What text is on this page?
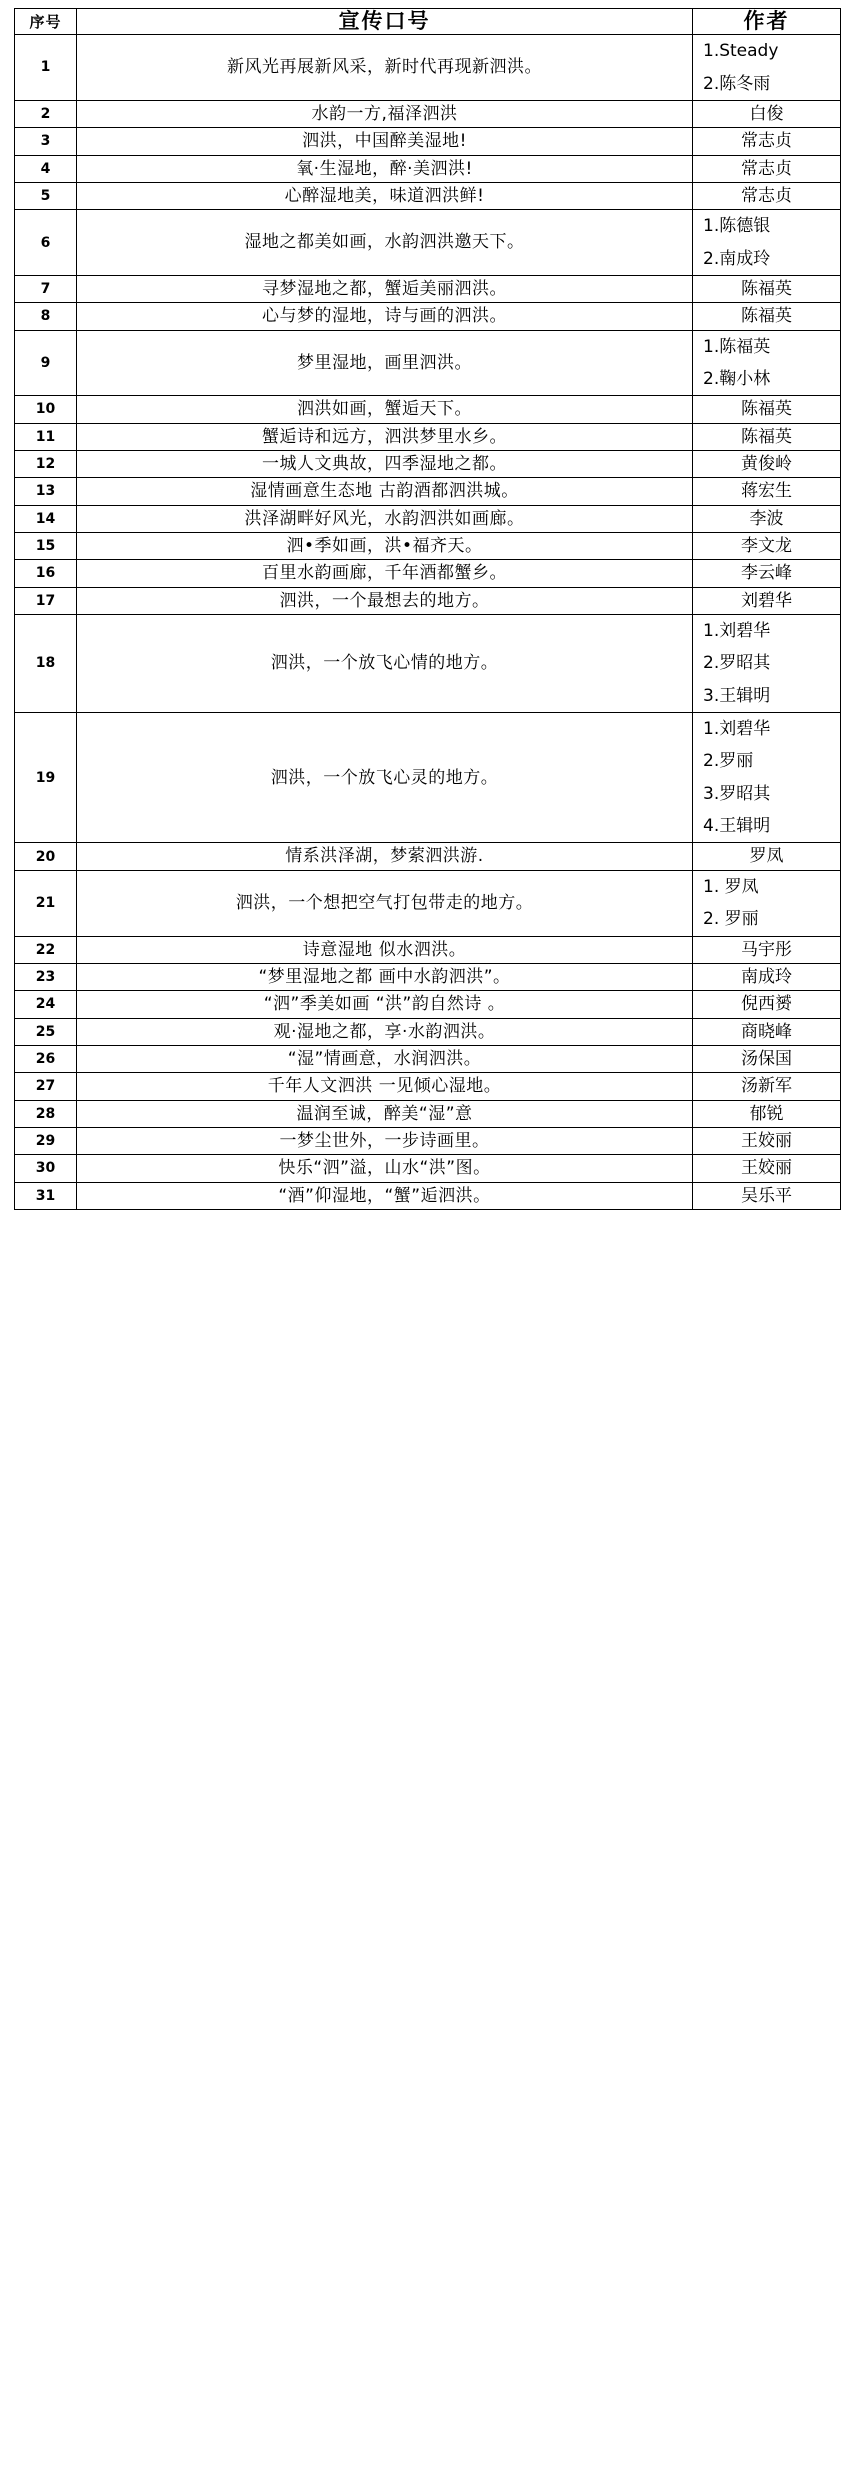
序号	宣传口号	作者
1	新风光再展新风采，新时代再现新泗洪。	1.Steady
2.陈冬雨

2	水韵一方,福泽泗洪	白俊

3	泗洪，中国醉美湿地!	常志贞

4	氧·生湿地，醉·美泗洪!	常志贞

5	心醉湿地美，味道泗洪鲜!	常志贞

6	湿地之都美如画，水韵泗洪邀天下。	1.陈德银
2.南成玲

7	寻梦湿地之都，蟹逅美丽泗洪。	陈福英

8	心与梦的湿地，诗与画的泗洪。	陈福英

9	梦里湿地，画里泗洪。	1.陈福英
2.鞠小林

10	泗洪如画，蟹逅天下。	陈福英

11	蟹逅诗和远方，泗洪梦里水乡。	陈福英

12	一城人文典故，四季湿地之都。	黄俊岭

13	湿情画意生态地 古韵酒都泗洪城。	蒋宏生

14	洪泽湖畔好风光，水韵泗洪如画廊。	李波

15	泗•季如画，洪•福齐天。	李文龙

16	百里水韵画廊，千年酒都蟹乡。	李云峰

17	泗洪，一个最想去的地方。	刘碧华

18	泗洪，一个放飞心情的地方。	1.刘碧华
2.罗昭其
3.王辑明

19	泗洪，一个放飞心灵的地方。	1.刘碧华
2.罗丽
3.罗昭其
4.王辑明

20	情系洪泽湖，梦萦泗洪游.	罗凤

21	泗洪，一个想把空气打包带走的地方。	1. 罗凤
2. 罗丽

22	诗意湿地 似水泗洪。	马宇彤

23	“梦里湿地之都 画中水韵泗洪”。	南成玲

24	“泗”季美如画 “洪”韵自然诗 。	倪西赟

25	观·湿地之都，享·水韵泗洪。	商晓峰

26	“湿”情画意，水润泗洪。	汤保国

27	千年人文泗洪 一见倾心湿地。	汤新军

28	温润至诚，醉美“湿”意	郁锐

29	一梦尘世外，一步诗画里。	王姣丽

30	快乐“泗”溢，山水“洪”图。	王姣丽

31	“酒”仰湿地，“蟹”逅泗洪。	吴乐平
